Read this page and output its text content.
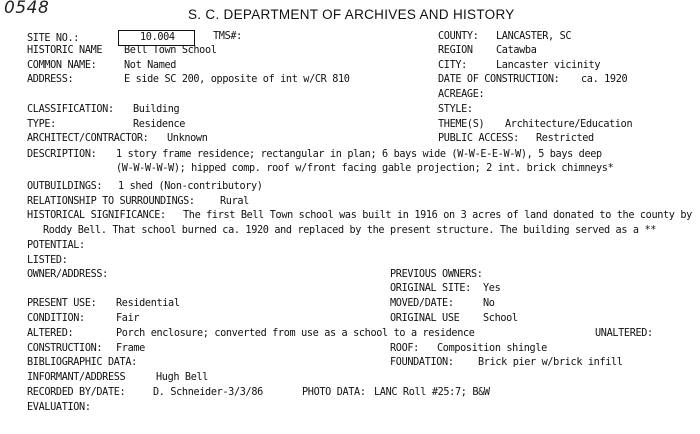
0548	S. C. DEPARTMENT OF ARCHIVES AND HISTORY
SITE NO.:	10.004	TMS#:	COUNTY: LANCASTER, SC
HISTORIC NAME Bell Town School	REGION Catawba
COMMON NAME:	Not Named	CITY:	Lancaster vicinity
ADDRESS:	E side SC 200, opposite of int w/CR 810	DATE OF CONSTRUCTION: ca. 1920
ACREAGE:
CLASSIFICATION: Building	STYLE:
TYPE:	Residence	THEME(S) Architecture/Education
ARCHITECT/CONTRACTOR: Unknown	PUBLIC ACCESS: Restricted
DESCRIPTION: 1 story frame residence; rectangular in plan; 6 bays wide (W-W-E-E-W-W), 5 bays deep
(W-W-W-W-W); hipped comp. roof w/front facing gable projection; 2 int. brick chimneys*
OUTBUILDINGS: 1 shed (Non-contributory)
RELATIONSHIP TO SURROUNDINGS: Rural
HISTORICAL SIGNIFICANCE: The first Bell Town school was built in 1916 on 3 acres of land donated to the county by
Roddy Bell. That school burned ca. 1920 and replaced by the present structure. The building served as a **
POTENTIAL:
LISTED:
OWNER/ADDRESS:	PREVIOUS OWNERS:
ORIGINAL SITE: Yes
PRESENT USE: Residential	MOVED/DATE:	No
CONDITION:	Fair	ORIGINAL USE School
ALTERED:	Porch enclosure; converted from use as a school to a residence	UNALTERED:
CONSTRUCTION: Frame	ROOF: Composition shingle
BIBLIOGRAPHIC DATA:	FOUNDATION: Brick pier w/brick infill
INFORMANT/ADDRESS	Hugh Bell
RECORDED BY/DATE:	D. Schneider-3/3/86	PHOTO DATA: LANC Roll #25:7; B&W
EVALUATION:
